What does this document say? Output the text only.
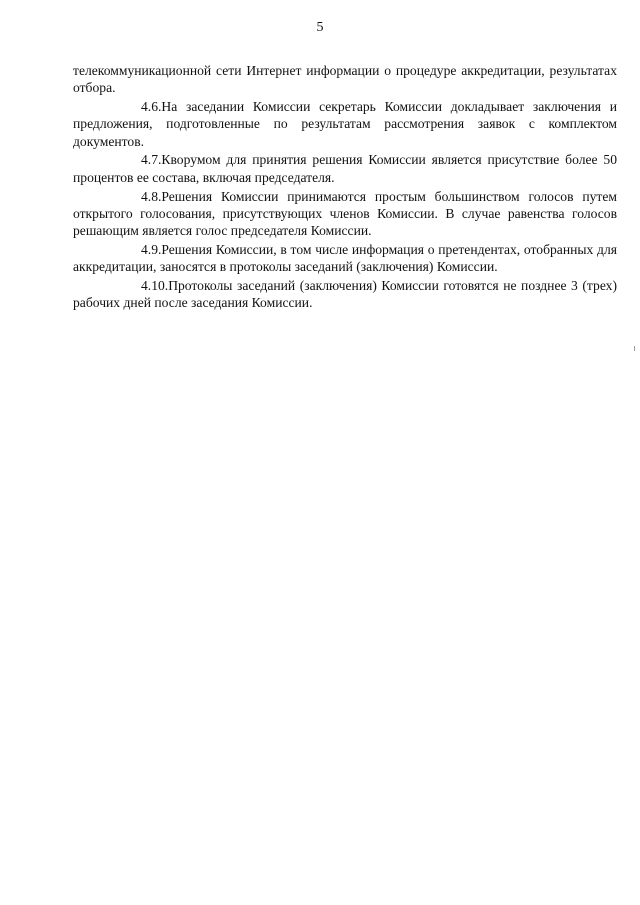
5

телекоммуникационной сети Интернет информации о процедуре аккредитации, результатах отбора.

4.6.На заседании Комиссии секретарь Комиссии докладывает заключения и предложения, подготовленные по результатам рассмотрения заявок с комплектом документов.

4.7.Кворумом для принятия решения Комиссии является присутствие более 50 процентов ее состава, включая председателя.

4.8.Решения Комиссии принимаются простым большинством голосов путем открытого голосования, присутствующих членов Комиссии. В случае равенства голосов решающим является голос председателя Комиссии.

4.9.Решения Комиссии, в том числе информация о претендентах, отобранных для аккредитации, заносятся в протоколы заседаний (заключения) Комиссии.

4.10.Протоколы заседаний (заключения) Комиссии готовятся не позднее 3 (трех) рабочих дней после заседания Комиссии.
